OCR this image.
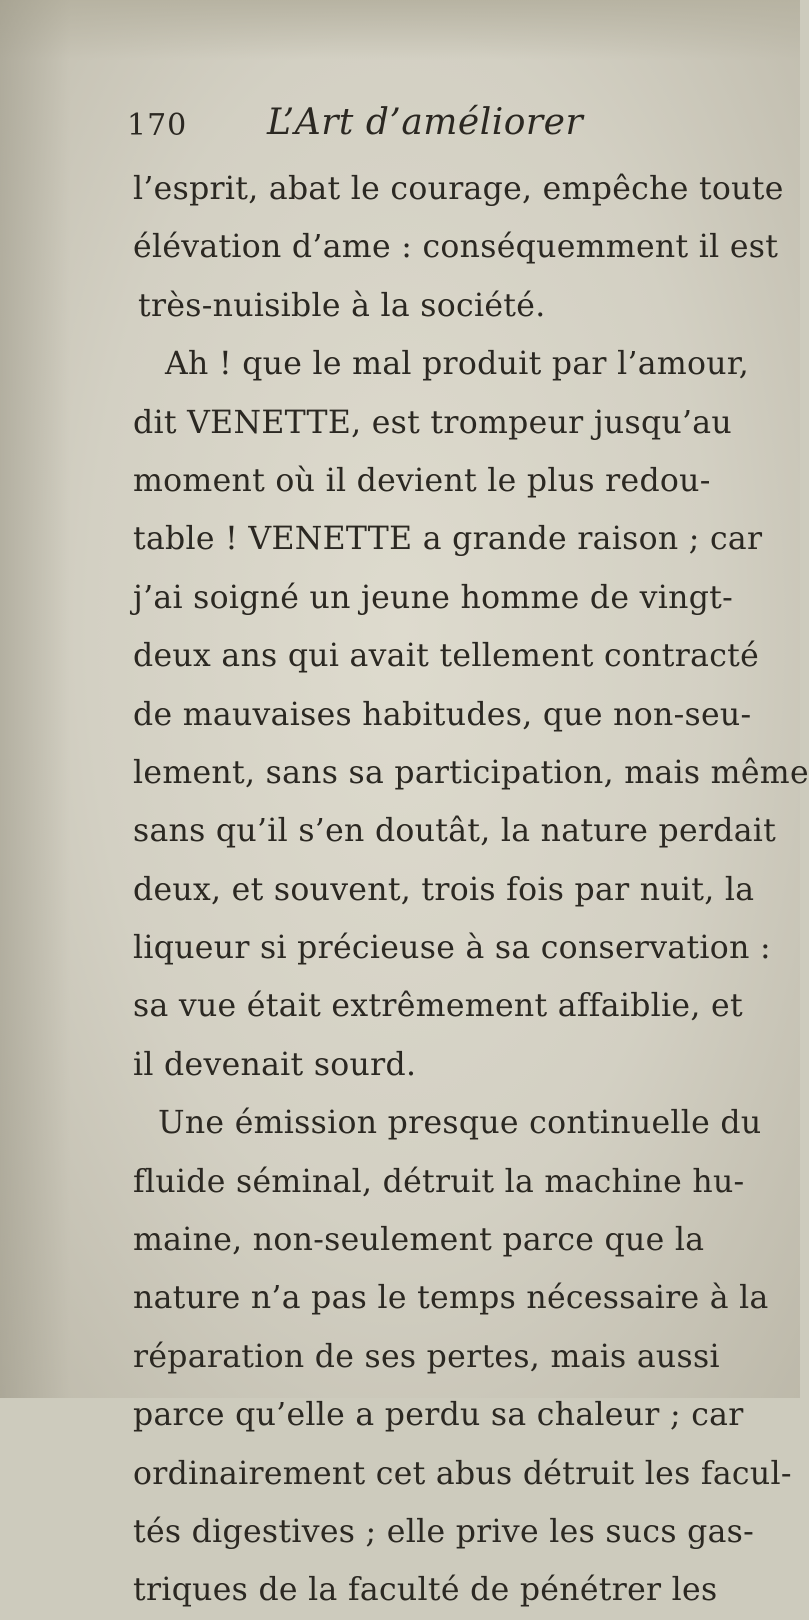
170 L’Art d’améliorer
l’esprit, abat le courage, empêche toute
élévation d’ame : conséquemment il est
très-nuisible à la société.
Ah ! que le mal produit par l’amour,
dit VENETTE, est trompeur jusqu’au
moment où il devient le plus redou-
table ! VENETTE a grande raison ; car
j’ai soigné un jeune homme de vingt-
deux ans qui avait tellement contracté
de mauvaises habitudes, que non-seu-
lement, sans sa participation, mais même
sans qu’il s’en doutât, la nature perdait
deux, et souvent, trois fois par nuit, la
liqueur si précieuse à sa conservation :
sa vue était extrêmement affaiblie, et
il devenait sourd.
Une émission presque continuelle du
fluide séminal, détruit la machine hu-
maine, non-seulement parce que la
nature n’a pas le temps nécessaire à la
réparation de ses pertes, mais aussi
parce qu’elle a perdu sa chaleur ; car
ordinairement cet abus détruit les facul-
tés digestives ; elle prive les sucs gas-
triques de la faculté de pénétrer les
